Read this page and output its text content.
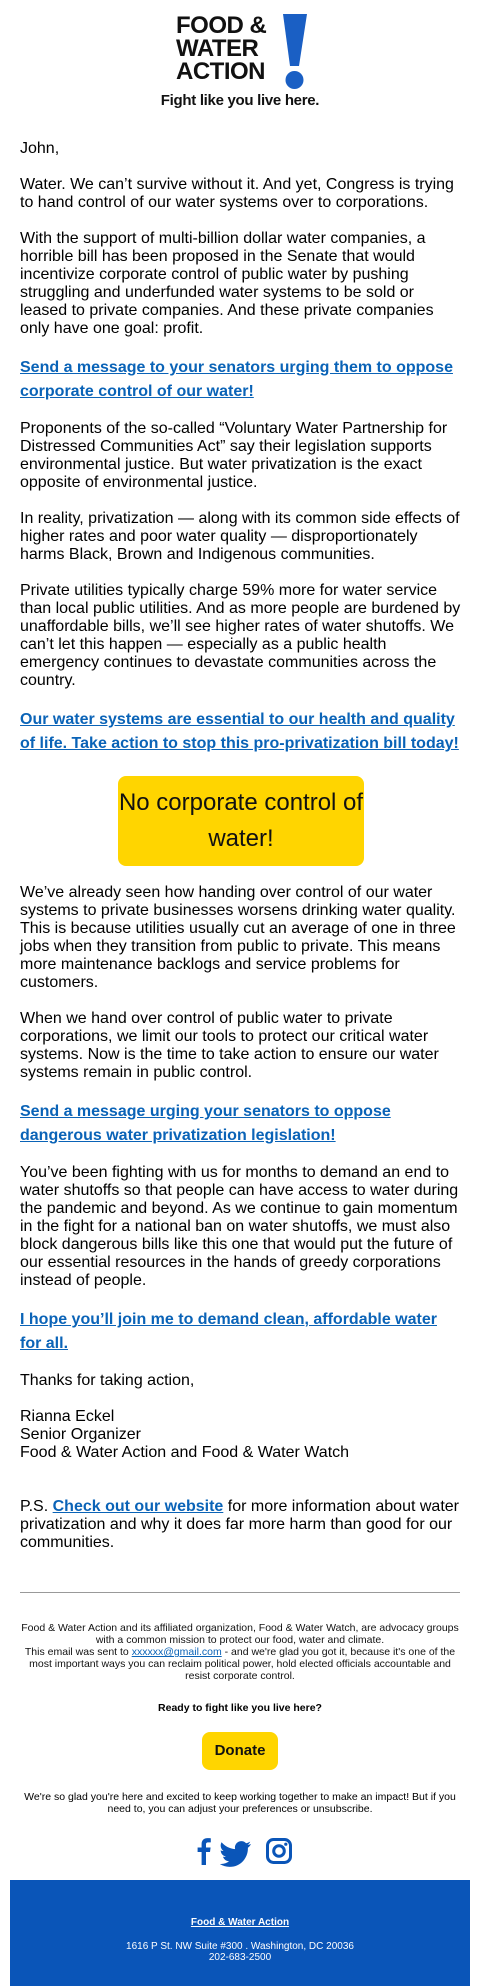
FOOD &
WATER
ACTION
Fight like you live here.

John,

Water. We can’t survive without it. And yet, Congress is trying to hand control of our water systems over to corporations.

With the support of multi-billion dollar water companies, a horrible bill has been proposed in the Senate that would incentivize corporate control of public water by pushing struggling and underfunded water systems to be sold or leased to private companies. And these private companies only have one goal: profit.

Send a message to your senators urging them to oppose corporate control of our water!

Proponents of the so-called “Voluntary Water Partnership for Distressed Communities Act” say their legislation supports environmental justice. But water privatization is the exact opposite of environmental justice.

In reality, privatization — along with its common side effects of higher rates and poor water quality — disproportionately harms Black, Brown and Indigenous communities.

Private utilities typically charge 59% more for water service than local public utilities. And as more people are burdened by unaffordable bills, we’ll see higher rates of water shutoffs. We can’t let this happen — especially as a public health emergency continues to devastate communities across the country.

Our water systems are essential to our health and quality of life. Take action to stop this pro-privatization bill today!

No corporate control of water!

We’ve already seen how handing over control of our water systems to private businesses worsens drinking water quality. This is because utilities usually cut an average of one in three jobs when they transition from public to private. This means more maintenance backlogs and service problems for customers.

When we hand over control of public water to private corporations, we limit our tools to protect our critical water systems. Now is the time to take action to ensure our water systems remain in public control.

Send a message urging your senators to oppose dangerous water privatization legislation!

You’ve been fighting with us for months to demand an end to water shutoffs so that people can have access to water during the pandemic and beyond. As we continue to gain momentum in the fight for a national ban on water shutoffs, we must also block dangerous bills like this one that would put the future of our essential resources in the hands of greedy corporations instead of people.

I hope you’ll join me to demand clean, affordable water for all.

Thanks for taking action,

Rianna Eckel

Senior Organizer

Food & Water Action and Food & Water Watch

P.S. Check out our website for more information about water privatization and why it does far more harm than good for our communities.

Food & Water Action and its affiliated organization, Food & Water Watch, are advocacy groups with a common mission to protect our food, water and climate.
This email was sent to xxxxxx@gmail.com - and we're glad you got it, because it's one of the most important ways you can reclaim political power, hold elected officials accountable and resist corporate control.
Ready to fight like you live here?
Donate
We're so glad you're here and excited to keep working together to make an impact! But if you need to, you can adjust your preferences or unsubscribe.
Food & Water Action
1616 P St. NW Suite #300 . Washington, DC 20036
202-683-2500
